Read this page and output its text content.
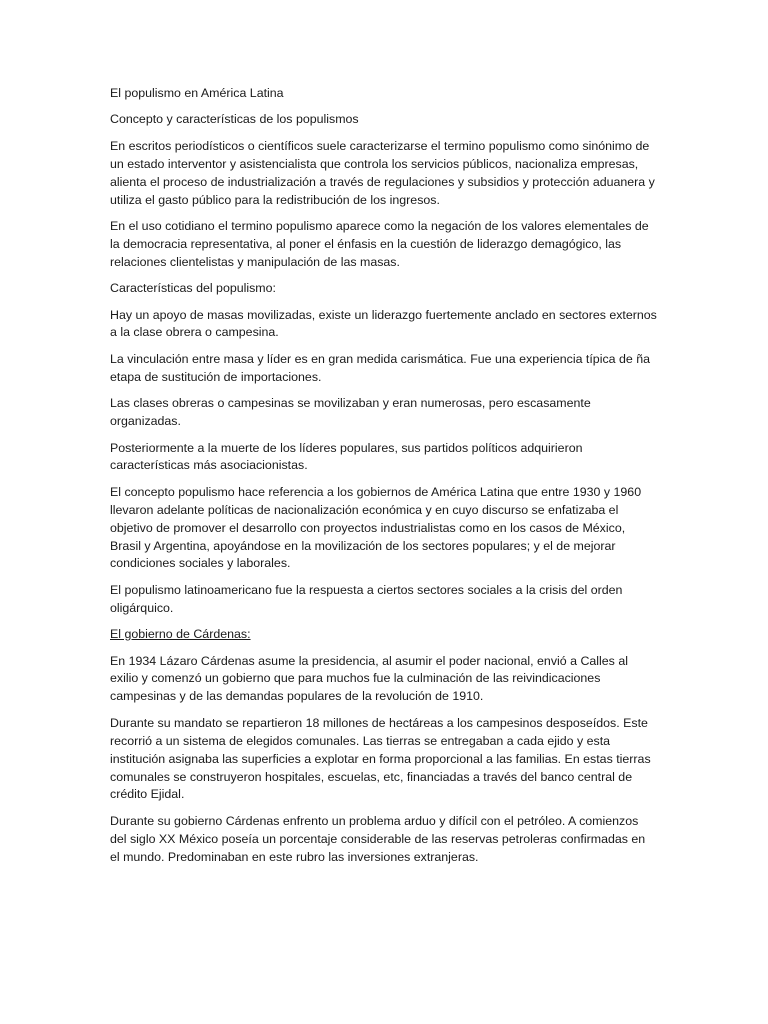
El populismo en América Latina

Concepto y características de los populismos

En escritos periodísticos o científicos suele caracterizarse el termino populismo como sinónimo de un estado interventor y asistencialista que controla los servicios públicos, nacionaliza empresas, alienta el proceso de industrialización a través de regulaciones y subsidios y protección aduanera y utiliza el gasto público para la redistribución de los ingresos.

En el uso cotidiano el termino populismo aparece como la negación de los valores elementales de la democracia representativa, al poner el énfasis en la cuestión de liderazgo demagógico, las relaciones clientelistas y manipulación de las masas.

Características del populismo:

Hay un apoyo de masas movilizadas, existe un liderazgo fuertemente anclado en sectores externos a la clase obrera o campesina.

La vinculación entre masa y líder es en gran medida carismática. Fue una experiencia típica de ña etapa de sustitución de importaciones.

Las clases obreras o campesinas se movilizaban y eran numerosas, pero escasamente organizadas.

Posteriormente a la muerte de los líderes populares, sus partidos políticos adquirieron características más asociacionistas.

El concepto populismo hace referencia a los gobiernos de América Latina que entre 1930 y 1960 llevaron adelante políticas de nacionalización económica y en cuyo discurso se enfatizaba el objetivo de promover el desarrollo con proyectos industrialistas como en los casos de México, Brasil y Argentina, apoyándose en la movilización de los sectores populares; y el de mejorar condiciones sociales y laborales.

El populismo latinoamericano fue la respuesta a ciertos sectores sociales a la crisis del orden oligárquico.

El gobierno de Cárdenas:

En 1934 Lázaro Cárdenas asume la presidencia, al asumir el poder nacional, envió a Calles al exilio y comenzó un gobierno que para muchos fue la culminación de las reivindicaciones campesinas y de las demandas populares de la revolución de 1910.

Durante su mandato se repartieron 18 millones de hectáreas a los campesinos desposeídos. Este recorrió a un sistema de elegidos comunales. Las tierras se entregaban a cada ejido y esta institución asignaba las superficies a explotar en forma proporcional a las familias. En estas tierras comunales se construyeron hospitales, escuelas, etc, financiadas a través del banco central de crédito Ejidal.

Durante su gobierno Cárdenas enfrento un problema arduo y difícil con el petróleo. A comienzos del siglo XX México poseía un porcentaje considerable de las reservas petroleras confirmadas en el mundo. Predominaban en este rubro las inversiones extranjeras.
